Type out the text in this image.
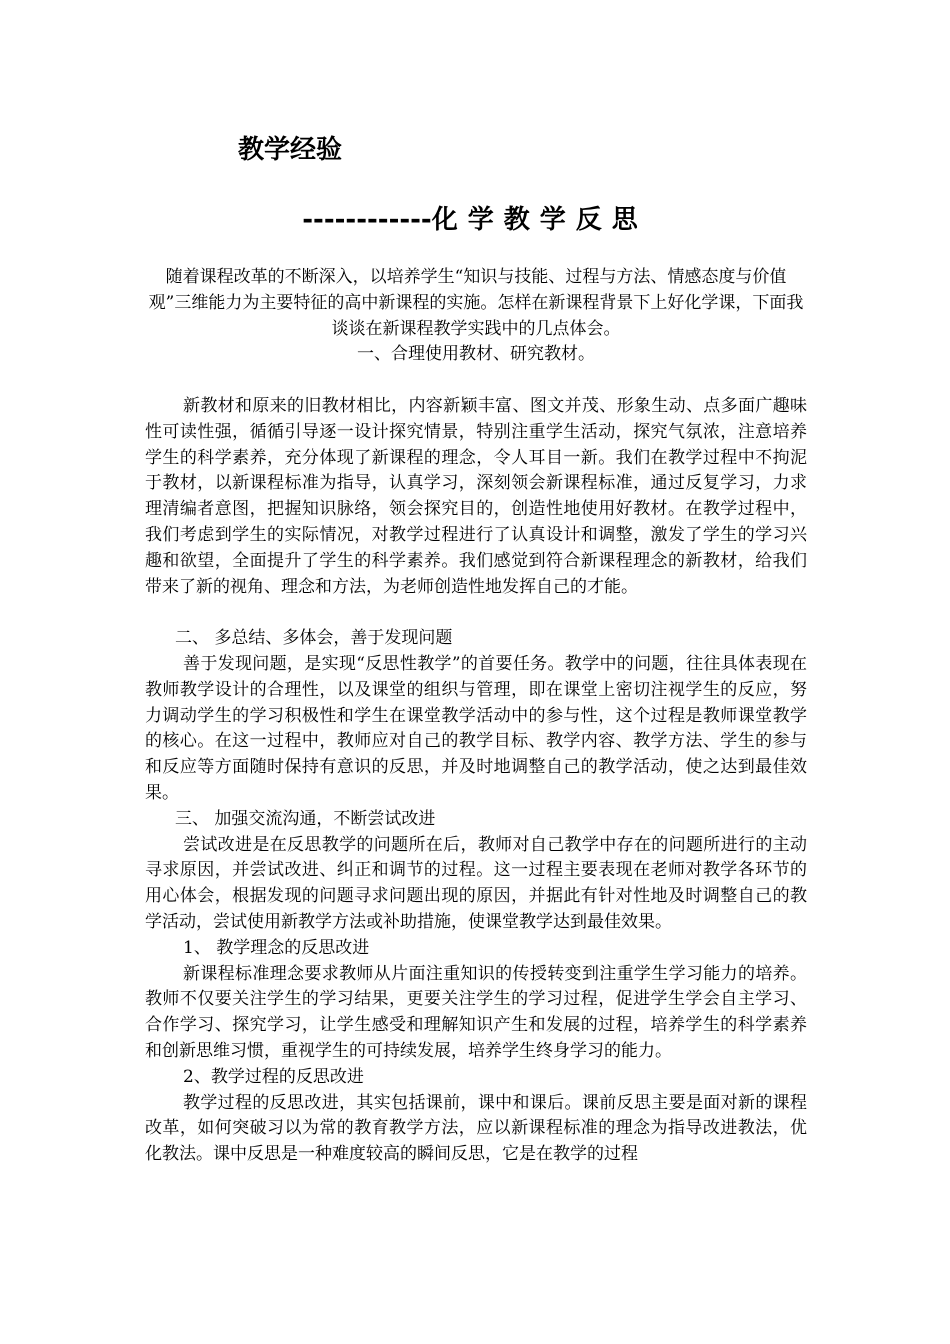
教学经验
------------化学教学反思

随着课程改革的不断深入，以培养学生“知识与技能、过程与方法、情感态度与价值观”三维能力为主要特征的高中新课程的实施。怎样在新课程背景下上好化学课，下面我谈谈在新课程教学实践中的几点体会。

一、合理使用教材、研究教材。

新教材和原来的旧教材相比，内容新颖丰富、图文并茂、形象生动、点多面广趣味性可读性强，循循引导逐一设计探究情景，特别注重学生活动，探究气氛浓，注意培养学生的科学素养，充分体现了新课程的理念，令人耳目一新。我们在教学过程中不拘泥于教材，以新课程标准为指导，认真学习，深刻领会新课程标准，通过反复学习，力求理清编者意图，把握知识脉络，领会探究目的，创造性地使用好教材。在教学过程中，我们考虑到学生的实际情况，对教学过程进行了认真设计和调整，激发了学生的学习兴趣和欲望，全面提升了学生的科学素养。我们感觉到符合新课程理念的新教材，给我们带来了新的视角、理念和方法，为老师创造性地发挥自己的才能。

二、 多总结、多体会，善于发现问题

善于发现问题，是实现“反思性教学”的首要任务。教学中的问题，往往具体表现在教师教学设计的合理性，以及课堂的组织与管理，即在课堂上密切注视学生的反应，努力调动学生的学习积极性和学生在课堂教学活动中的参与性，这个过程是教师课堂教学的核心。在这一过程中，教师应对自己的教学目标、教学内容、教学方法、学生的参与和反应等方面随时保持有意识的反思，并及时地调整自己的教学活动，使之达到最佳效果。

三、 加强交流沟通，不断尝试改进

尝试改进是在反思教学的问题所在后，教师对自己教学中存在的问题所进行的主动寻求原因，并尝试改进、纠正和调节的过程。这一过程主要表现在老师对教学各环节的用心体会，根据发现的问题寻求问题出现的原因，并据此有针对性地及时调整自己的教学活动，尝试使用新教学方法或补助措施，使课堂教学达到最佳效果。

1、 教学理念的反思改进

新课程标准理念要求教师从片面注重知识的传授转变到注重学生学习能力的培养。教师不仅要关注学生的学习结果，更要关注学生的学习过程，促进学生学会自主学习、合作学习、探究学习，让学生感受和理解知识产生和发展的过程，培养学生的科学素养和创新思维习惯，重视学生的可持续发展，培养学生终身学习的能力。

2、教学过程的反思改进

教学过程的反思改进，其实包括课前，课中和课后。课前反思主要是面对新的课程改革，如何突破习以为常的教育教学方法，应以新课程标准的理念为指导改进教法，优化教法。课中反思是一种难度较高的瞬间反思，它是在教学的过程
